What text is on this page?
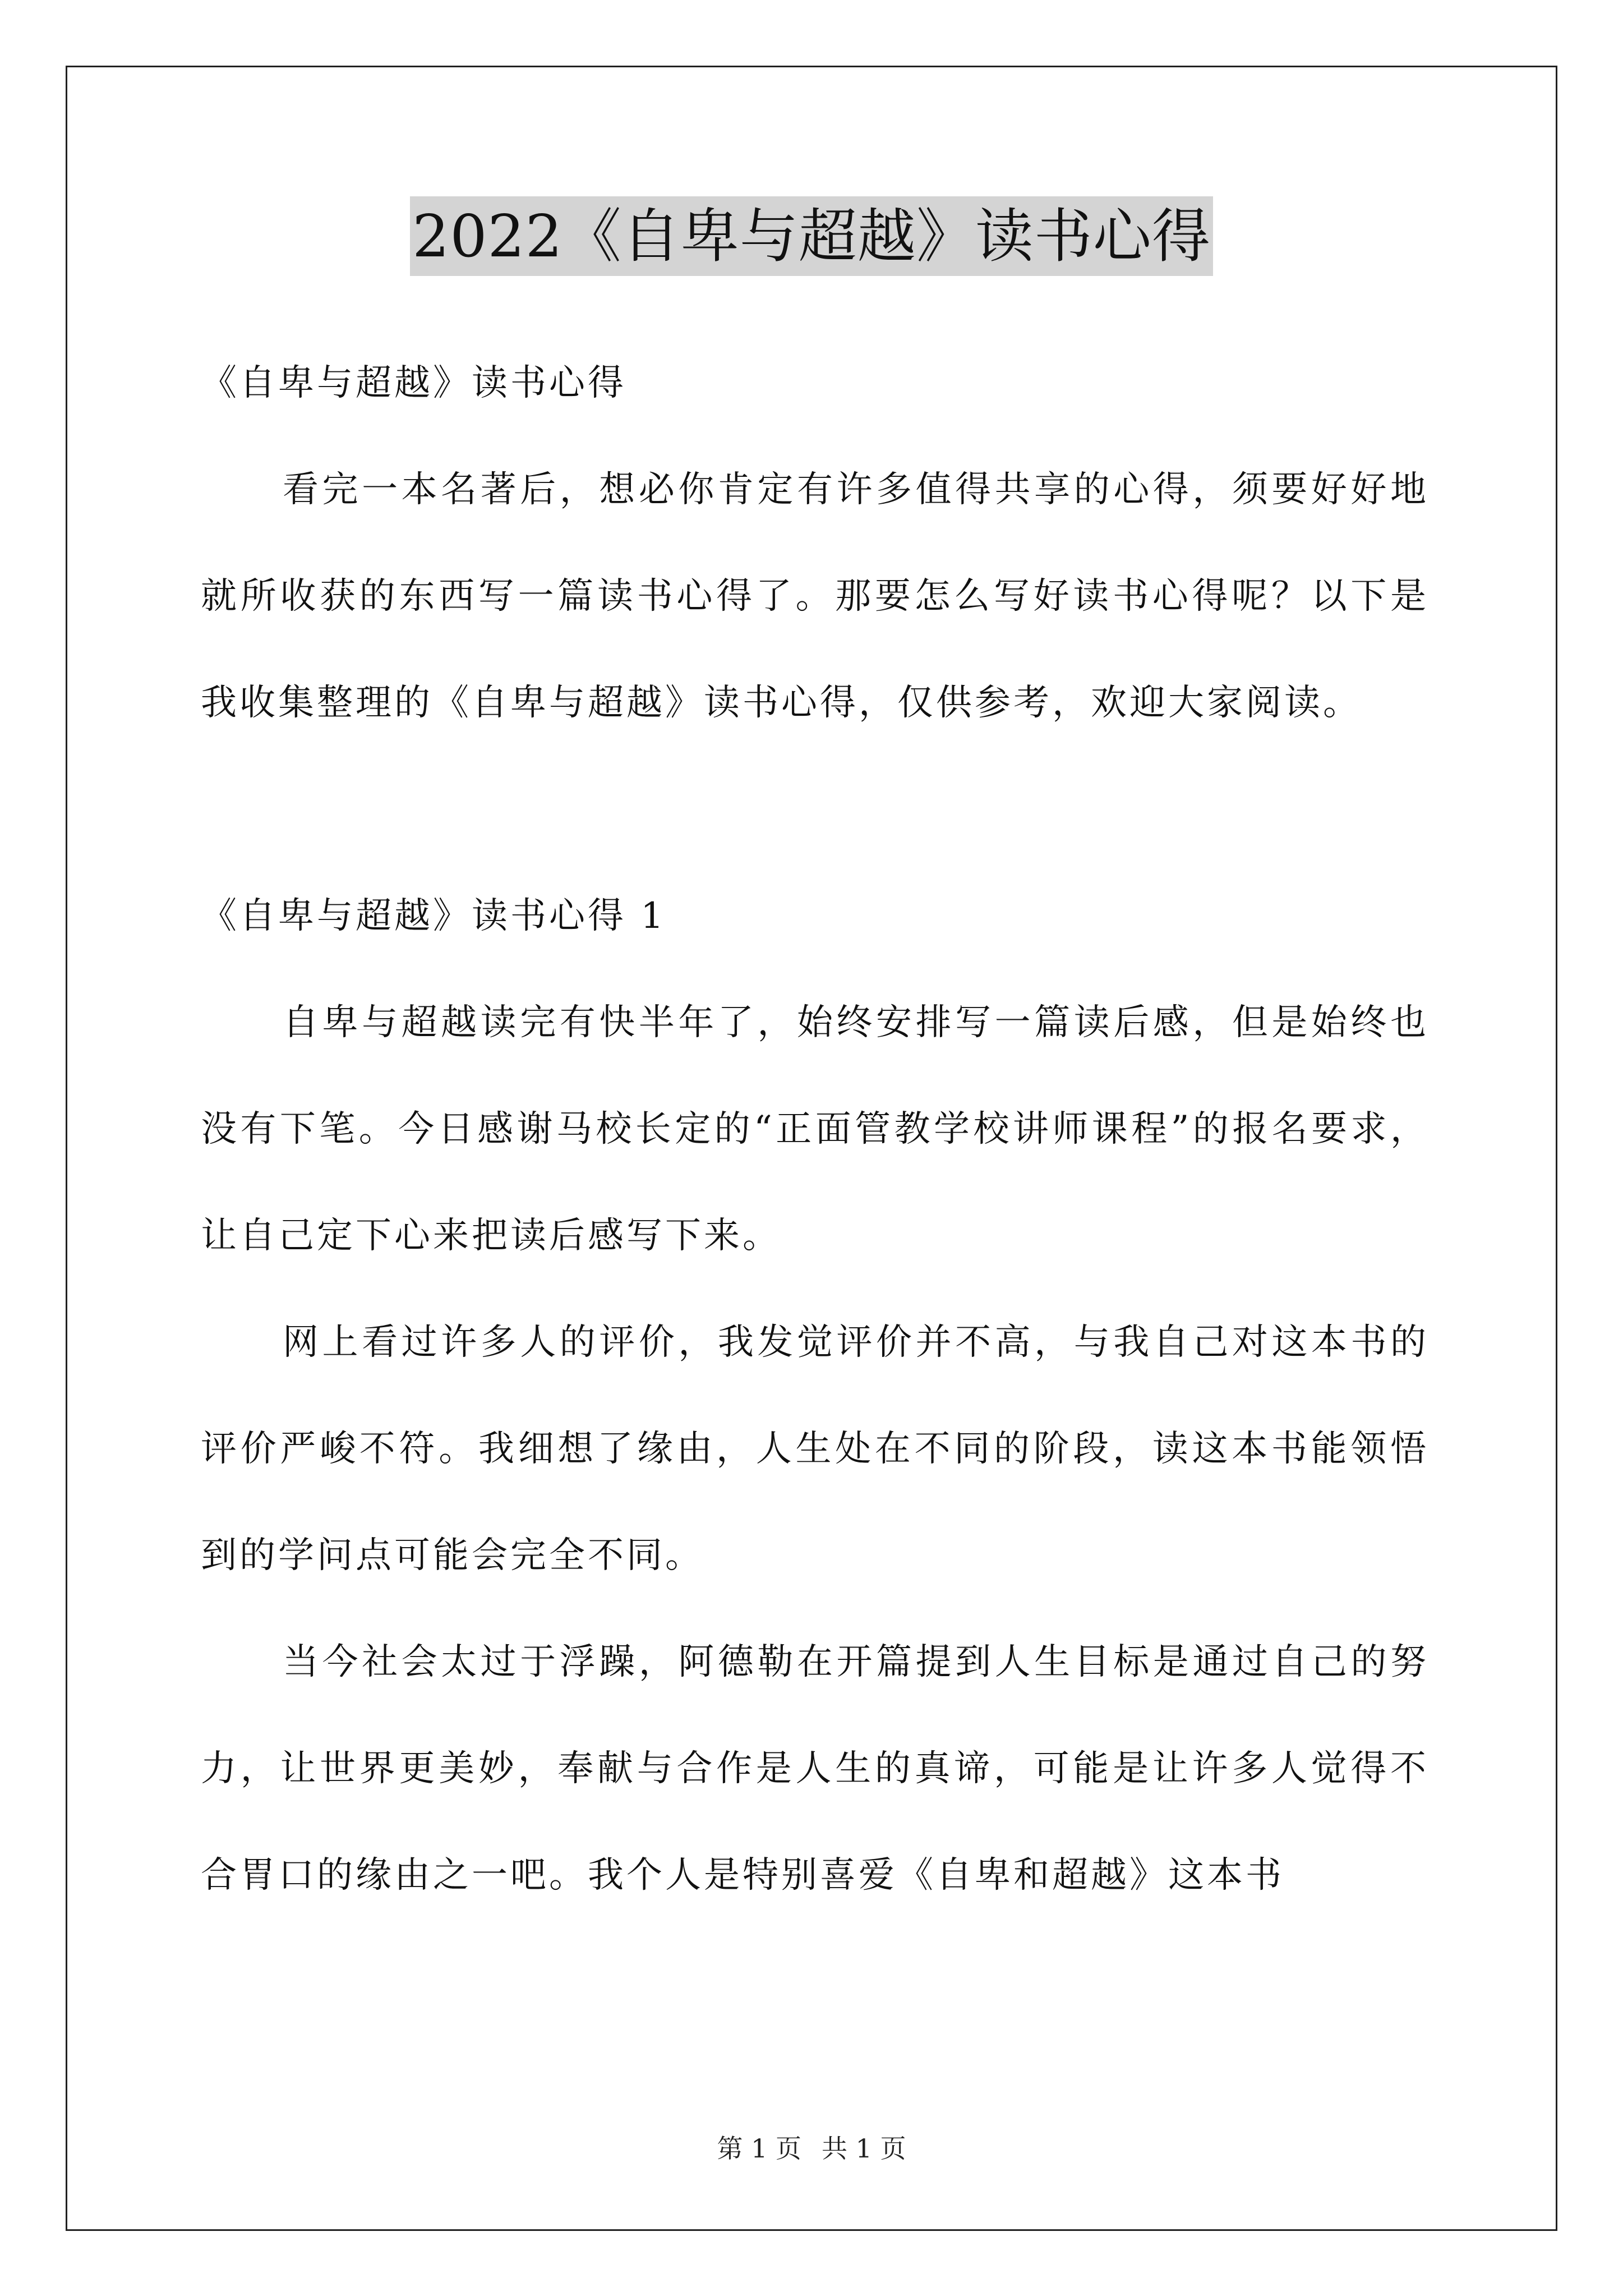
2022《自卑与超越》读书心得

《自卑与超越》读书心得

看完一本名著后，想必你肯定有许多值得共享的心得，须要好好地就所收获的东西写一篇读书心得了。那要怎么写好读书心得呢？以下是我收集整理的《自卑与超越》读书心得，仅供参考，欢迎大家阅读。

《自卑与超越》读书心得 1

自卑与超越读完有快半年了，始终安排写一篇读后感，但是始终也没有下笔。今日感谢马校长定的“正面管教学校讲师课程”的报名要求，让自己定下心来把读后感写下来。

网上看过许多人的评价，我发觉评价并不高，与我自己对这本书的评价严峻不符。我细想了缘由，人生处在不同的阶段，读这本书能领悟到的学问点可能会完全不同。

当今社会太过于浮躁，阿德勒在开篇提到人生目标是通过自己的努力，让世界更美妙，奉献与合作是人生的真谛，可能是让许多人觉得不合胃口的缘由之一吧。我个人是特别喜爱《自卑和超越》这本书

第 1 页 共 1 页
